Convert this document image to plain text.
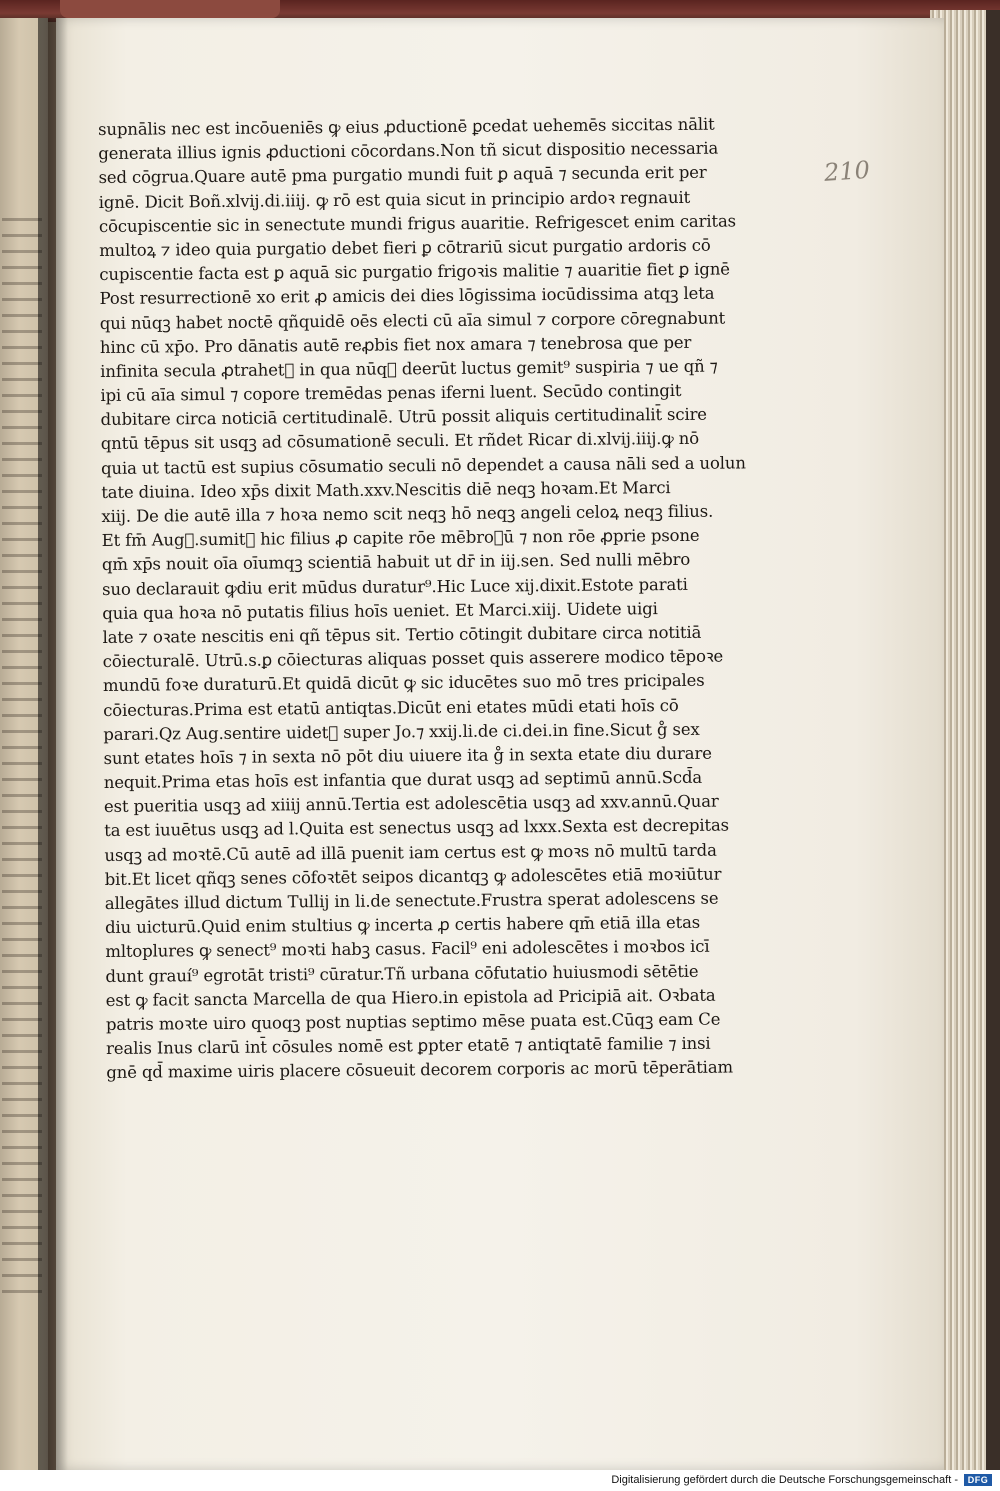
210

supnālis nec est incōueniēs ꝙ eius ꝓductionē ꝑcedat uehemēs siccitas nālit
generata illius ignis ꝓductioni cōcordans.Non tñ sicut dispositio necessaria
sed cōgrua.Quare autē pma purgatio mundi fuit ꝑ aquā ⁊ secunda erit per
ignē. Dicit Boñ.xlvij.di.iiij. ꝙ rō est quia sicut in principio ardoꝛ regnauit
cōcupiscentie sic in senectute mundi frigus auaritie. Refrigescet enim caritas
multoꝝ ⁊ ideo quia purgatio debet fieri ꝑ cōtrariū sicut purgatio ardoris cō
cupiscentie facta est ꝑ aquā sic purgatio frigoꝛis malitie ⁊ auaritie fiet ꝑ ignē
Post resurrectionē xo erit ꝓ amicis dei dies lōgissima iocūdissima atqꝫ leta
qui nūqꝫ habet noctē qñquidē oēs electi cū aīa simul ⁊ corpore cōregnabunt
hinc cū xp̄o. Pro dānatis autē reꝓbis fiet nox amara ⁊ tenebrosa que per
infinita secula ꝓtrahet᷑ in qua nūqꝫ deerūt luctus gemit⁹ suspiria ⁊ ue qñ ⁊
ipi cū aīa simul ⁊ copore tremēdas penas iferni luent. Secūdo contingit
dubitare circa noticiā certitudinalē. Utrū possit aliquis certitudinalit̄ scire
qntū tēpus sit usqꝫ ad cōsumationē seculi. Et rñdet Ricar di.xlvij.iiij.ꝙ nō
quia ut tactū est supius cōsumatio seculi nō dependet a causa nāli sed a uolun
tate diuina. Ideo xp̄s dixit Math.xxv.Nescitis diē neqꝫ hoꝛam.Et Marci
xiij. De die autē illa ⁊ hoꝛa nemo scit neqꝫ hō neqꝫ angeli celoꝝ neqꝫ filius.
Et fm̄ Aug᷑.sumit᷑ hic filius ꝓ capite rōe mēbroꝛū ⁊ non rōe ꝓprie psone
qm̄ xp̄s nouit oīa oīumqꝫ scientiā habuit ut dr̄ in iij.sen. Sed nulli mēbro
suo declarauit ꝙdiu erit mūdus duratur⁹.Hic Luce xij.dixit.Estote parati
quia qua hoꝛa nō putatis filius hoīs ueniet. Et Marci.xiij. Uidete uigi
late ⁊ oꝛate nescitis eni qñ tēpus sit. Tertio cōtingit dubitare circa notitiā
cōiecturalē. Utrū.s.ꝑ cōiecturas aliquas posset quis asserere modico tēpoꝛe
mundū foꝛe duraturū.Et quidā dicūt ꝙ sic iducētes suo mō tres pricipales
cōiecturas.Prima est etatū antiqtas.Dicūt eni etates mūdi etati hoīs cō
parari.Qz Aug.sentire uidet᷑ super Jo.⁊ xxij.li.de ci.dei.in fine.Sicut g̊ sex
sunt etates hoīs ⁊ in sexta nō pōt diu uiuere ita g̊ in sexta etate diu durare
nequit.Prima etas hoīs est infantia que durat usqꝫ ad septimū annū.Scd̄a
est pueritia usqꝫ ad xiiij annū.Tertia est adolescētia usqꝫ ad xxv.annū.Quar
ta est iuuētus usqꝫ ad l.Quita est senectus usqꝫ ad lxxx.Sexta est decrepitas
usqꝫ ad moꝛtē.Cū autē ad illā puenit iam certus est ꝙ moꝛs nō multū tarda
bit.Et licet qñqꝫ senes cōfoꝛtēt seipos dicantqꝫ ꝙ adolescētes etiā moꝛiūtur
allegātes illud dictum Tullij in li.de senectute.Frustra sperat adolescens se
diu uicturū.Quid enim stultius ꝙ incerta ꝓ certis habere qm̄ etiā illa etas
mltoplures ꝙ senect⁹ moꝛti habꝫ casus. Facil⁹ eni adolescētes i moꝛbos icī
dunt grauí⁹ egrotāt tristi⁹ cūratur.Tñ urbana cōfutatio huiusmodi sētētie
est ꝙ facit sancta Marcella de qua Hiero.in epistola ad Pricipiā ait. Oꝛbata
patris moꝛte uiro quoqꝫ post nuptias septimo mēse puata est.Cūqꝫ eam Ce
realis Inus clarū int̄ cōsules nomē est ꝑpter etatē ⁊ antiqtatē familie ⁊ insi
gnē qd̄ maxime uiris placere cōsueuit decorem corporis ac morū tēperātiam

Digitalisierung gefördert durch die Deutsche Forschungsgemeinschaft -	DFG
